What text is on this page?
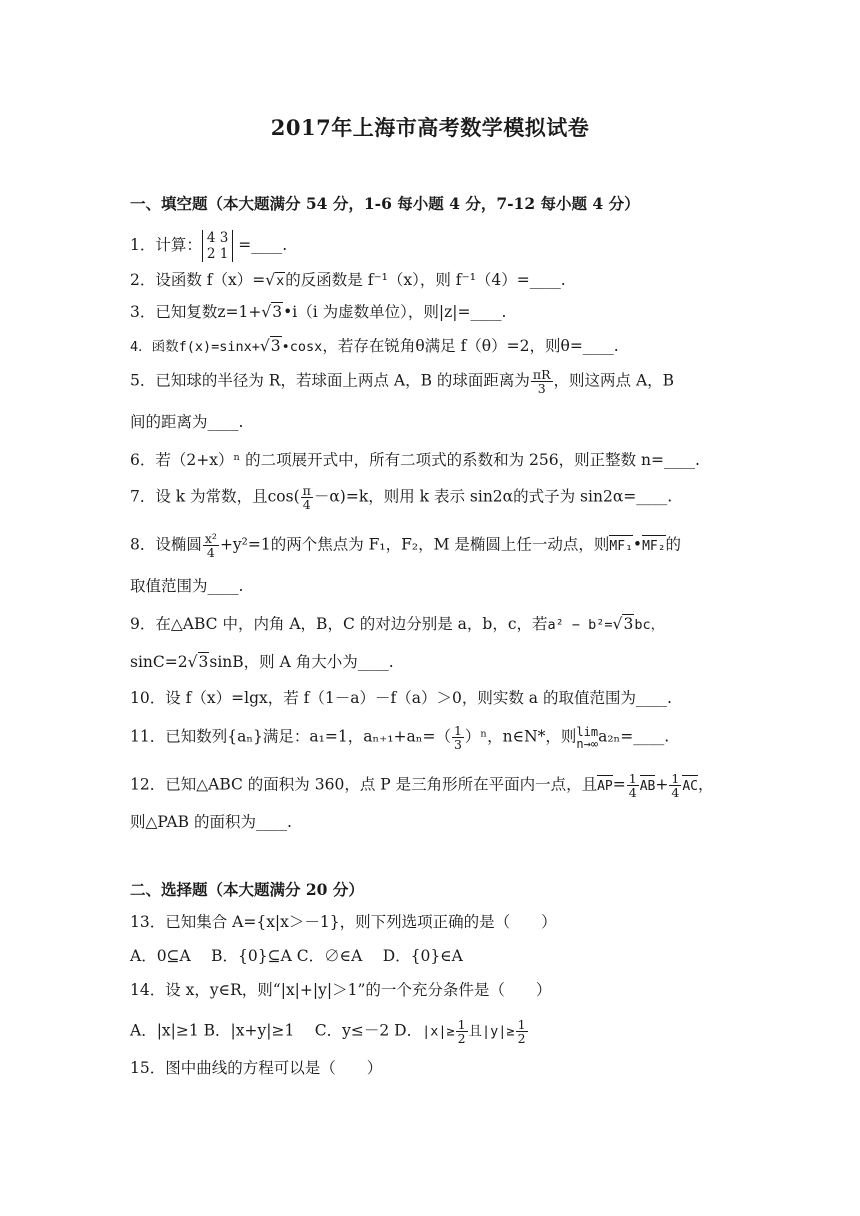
2017年上海市高考数学模拟试卷
一、填空题（本大题满分 54 分，1-6 每小题 4 分，7-12 每小题 4 分）
1．计算： 4 3
2 1 =____.
2．设函数 f（x）=√x的反函数是 f⁻¹（x），则 f⁻¹（4）=____.
3．已知复数z=1+√3•i（i 为虚数单位），则|z|=____.
4．函数f(x)=sinx+√3•cosx，若存在锐角θ满足 f（θ）=2，则θ=____.
5．已知球的半径为 R，若球面上两点 A，B 的球面距离为 $\frac{\pi R}{3}$ ，则这两点 A，B
间的距离为____.
6．若（2+x）ⁿ 的二项展开式中，所有二项式的系数和为 256，则正整数 n=____.
7．设 k 为常数，且$\cos( \frac{\pi}{4} -\alpha)=k$，则用 k 表示 sin2α的式子为 sin2α=____.
8．设椭圆 $\frac{\text{x²}}{4} +y^2=1$的两个焦点为 F₁，F₂，M 是椭圆上任一动点，则MF₁•MF₂的
取值范围为____.
9．在△ABC 中，内角 A，B，C 的对边分别是 a，b，c，若a² − b²=√3bc，
sinC=2√3sinB，则 A 角大小为____.
10．设 f（x）=lgx，若 f（1－a）－f（a）＞0，则实数 a 的取值范围为____.
11．已知数列{aₙ}满足：a₁=1，$a_{n+1}+a_n=( \frac{1}{3} )^n$，n∈N*，则lim
n→∞a₂ₙ=____.
12．已知△ABC 的面积为 360，点 P 是三角形所在平面内一点，且$AP= \frac{1}{4} AB+ \frac{1}{4}$ AC，
则△PAB 的面积为____.
二、选择题（本大题满分 20 分）
13．已知集合 A={x|x＞－1}，则下列选项正确的是（　　）
A．0⊆A　 B．{0}⊆A C．∅∈A　 D．{0}∈A
14．设 x，y∈R，则“|x|+|y|＞1”的一个充分条件是（　　）
A．|x|≥1 B．|x+y|≥1　 C．y≤－2 D．$|x|\ge \frac{1}{2}$ 且$|y|\ge \frac{1}{2}$
15．图中曲线的方程可以是（　　）
